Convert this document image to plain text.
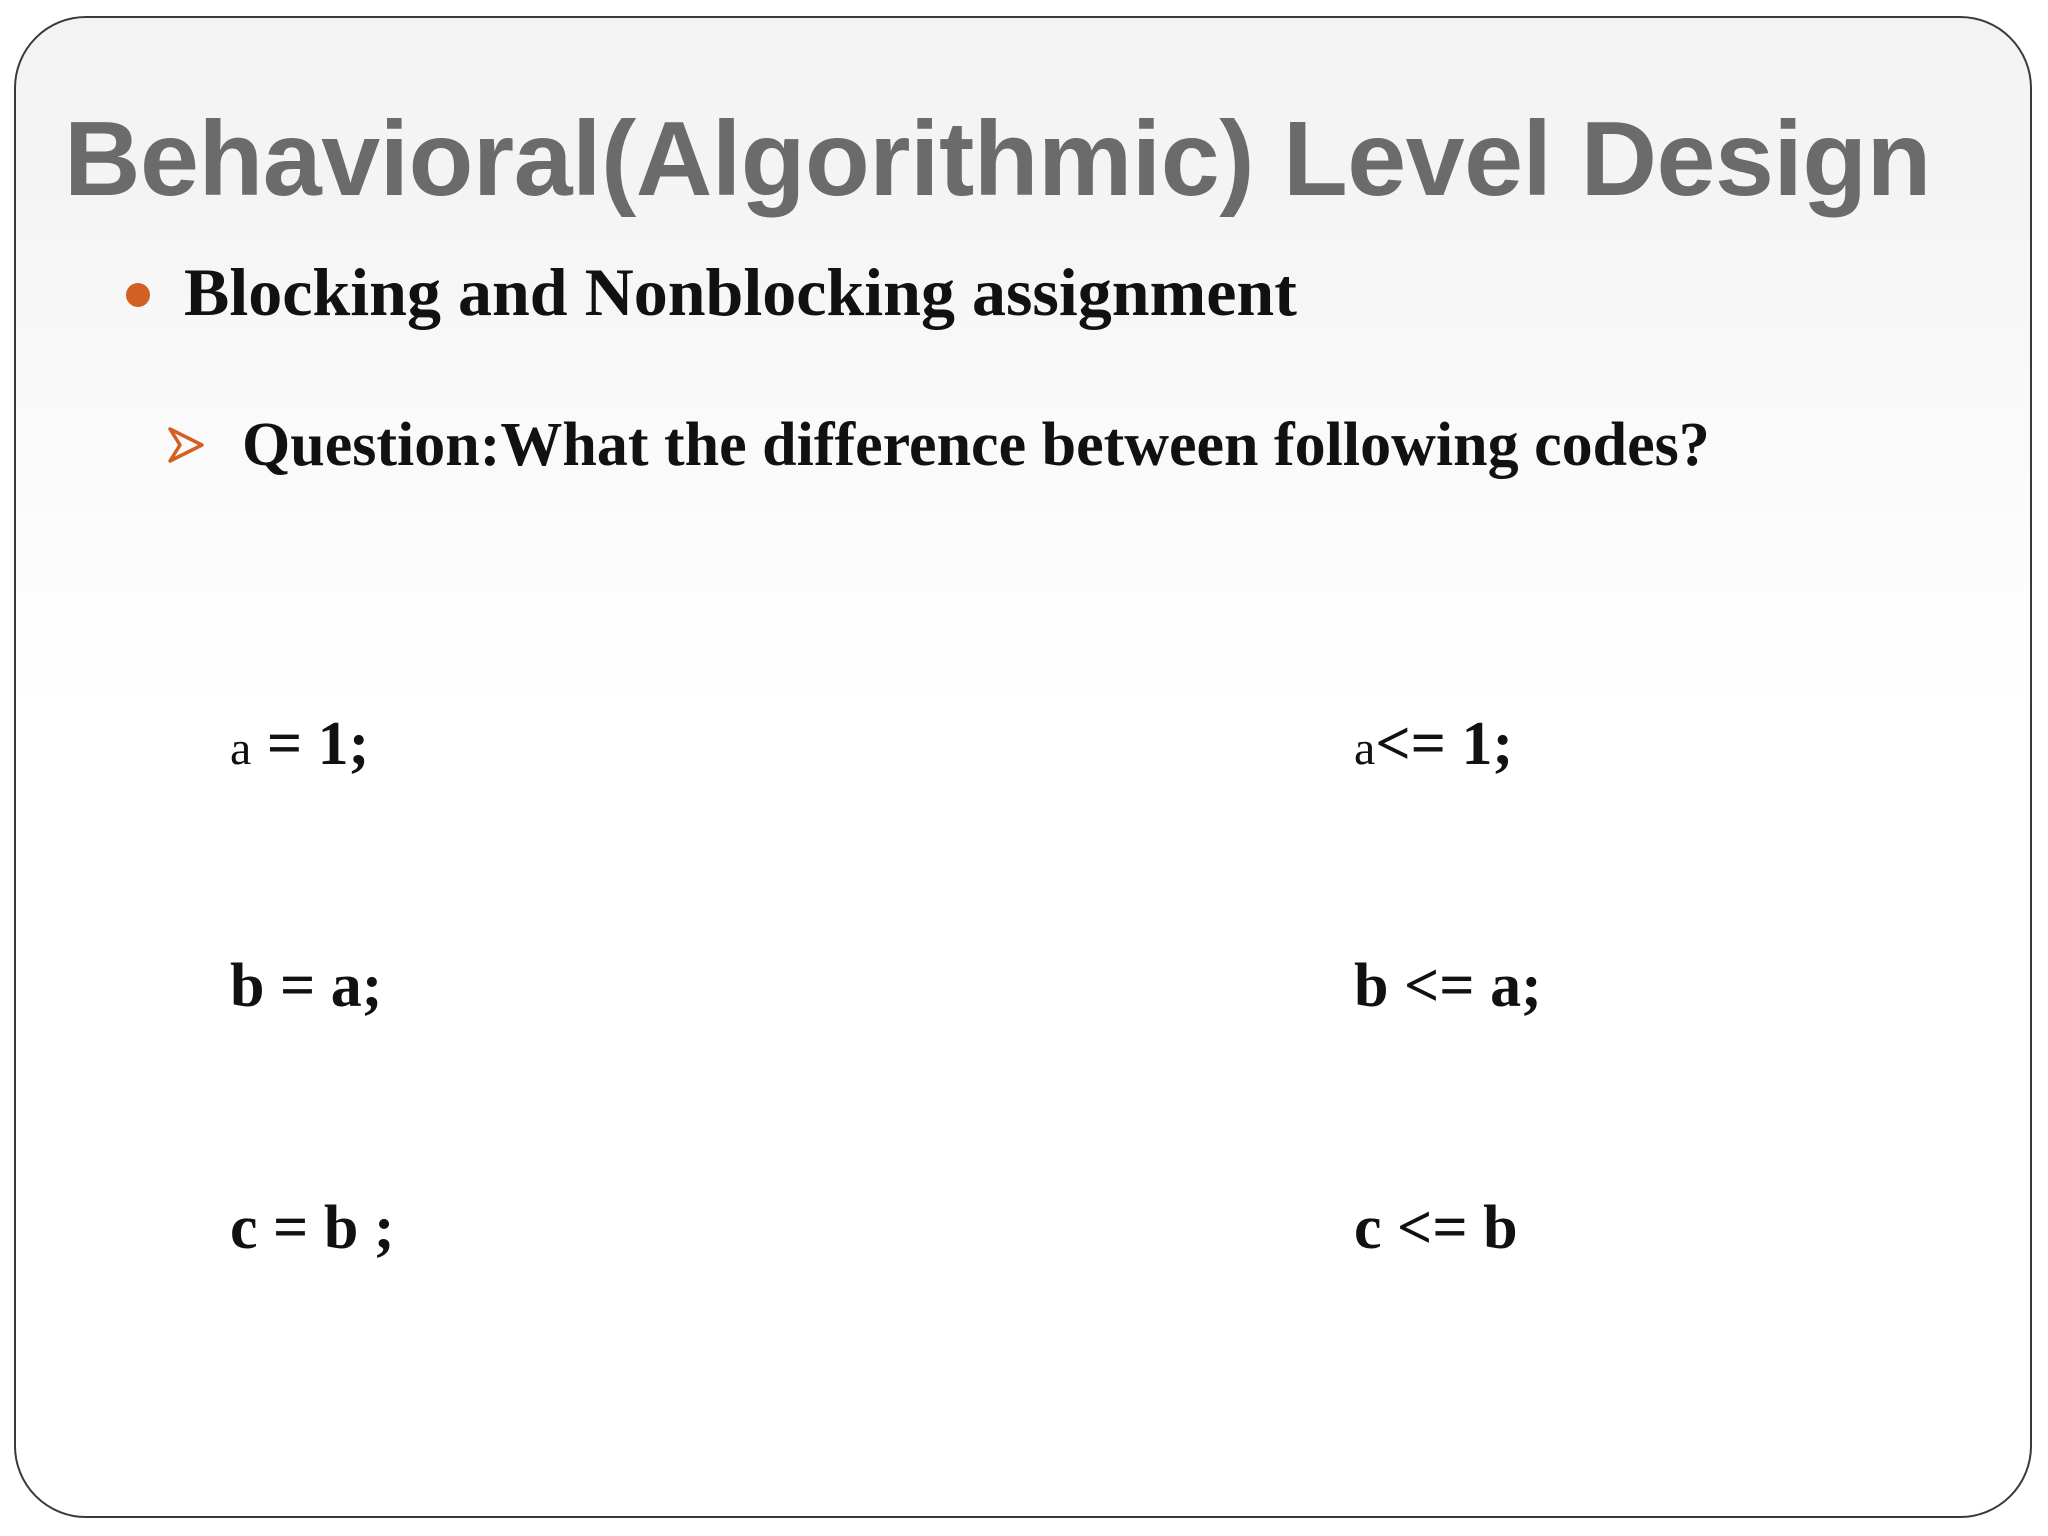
Behavioral(Algorithmic) Level Design
Blocking and Nonblocking assignment
Question:What the difference between following codes?

a = 1;

b = a;

c = b ;

a<= 1;

b <= a;

c <= b
